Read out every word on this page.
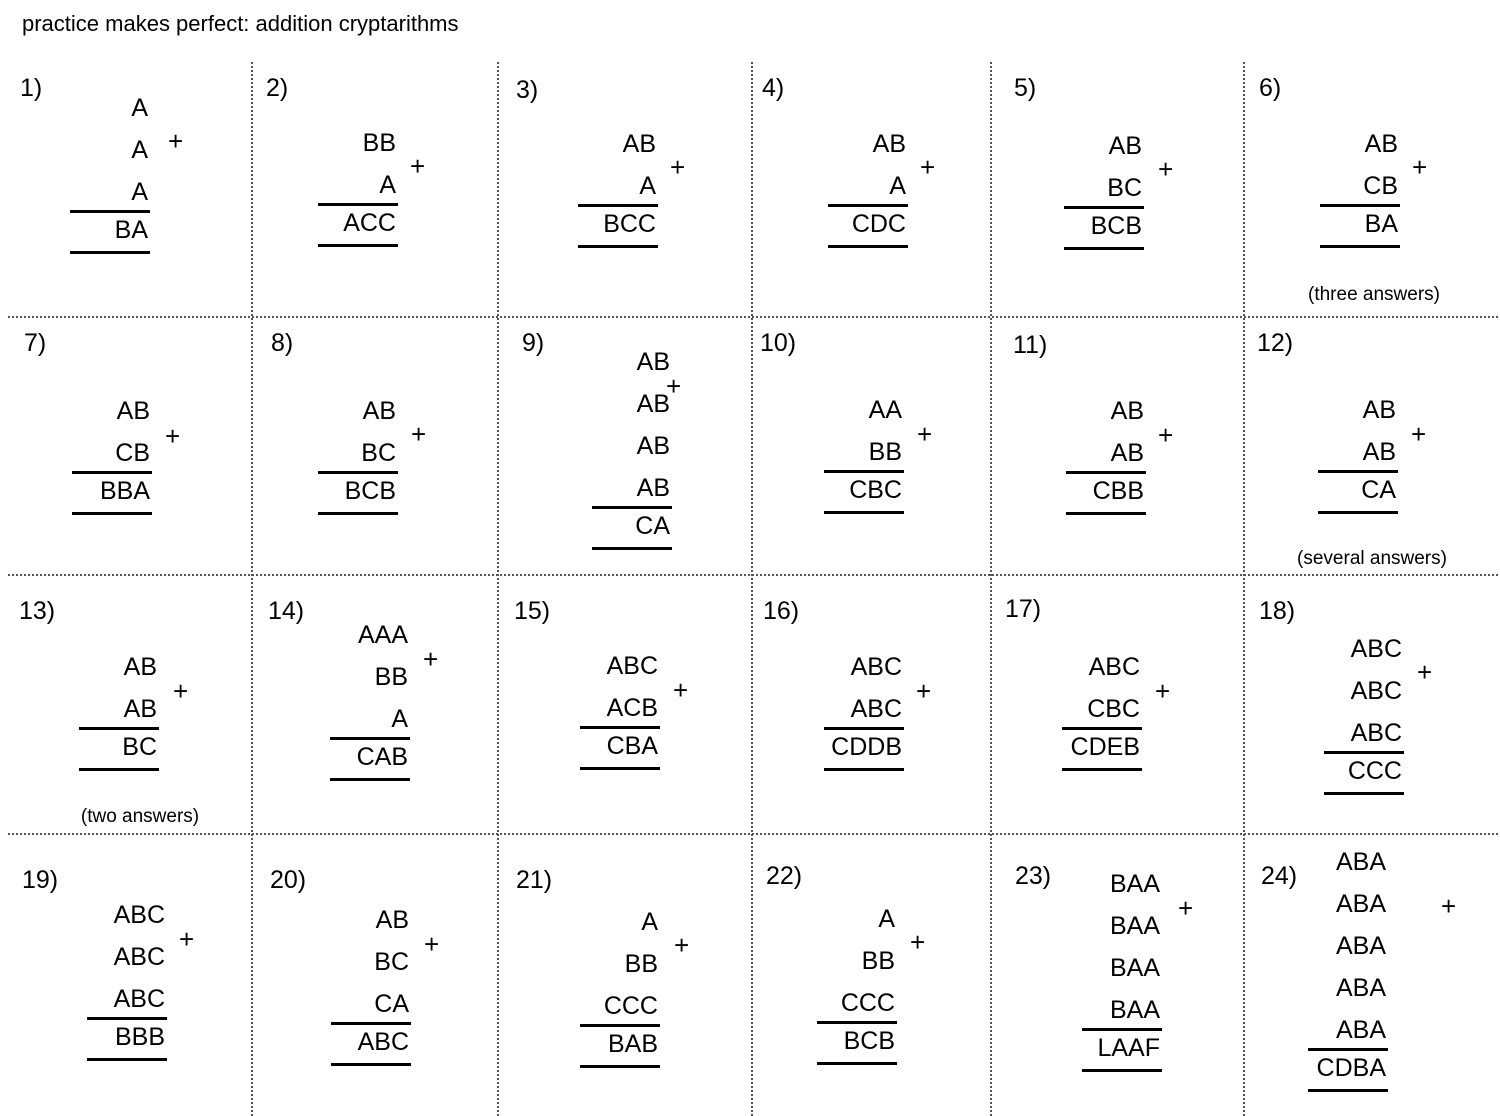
practice makes perfect: addition cryptarithms
1)
A
A
A
BA
+
2)
BB
A
ACC
+
3)
AB
A
BCC
+
4)
AB
A
CDC
+
5)
AB
BC
BCB
+
6)
AB
CB
BA
+
(three answers)
7)
AB
CB
BBA
+
8)
AB
BC
BCB
+
9)
AB
AB
AB
AB
CA
+
10)
AA
BB
CBC
+
11)
AB
AB
CBB
+
12)
AB
AB
CA
+
(several answers)
13)
AB
AB
BC
+
(two answers)
14)
AAA
BB
A
CAB
+
15)
ABC
ACB
CBA
+
16)
ABC
ABC
CDDB
+
17)
ABC
CBC
CDEB
+
18)
ABC
ABC
ABC
CCC
+
19)
ABC
ABC
ABC
BBB
+
20)
AB
BC
CA
ABC
+
21)
A
BB
CCC
BAB
+
22)
A
BB
CCC
BCB
+
23)	BAA
BAA
BAA
BAA
LAAF
+
24)	ABA
ABA
ABA
ABA
ABA
CDBA
+
